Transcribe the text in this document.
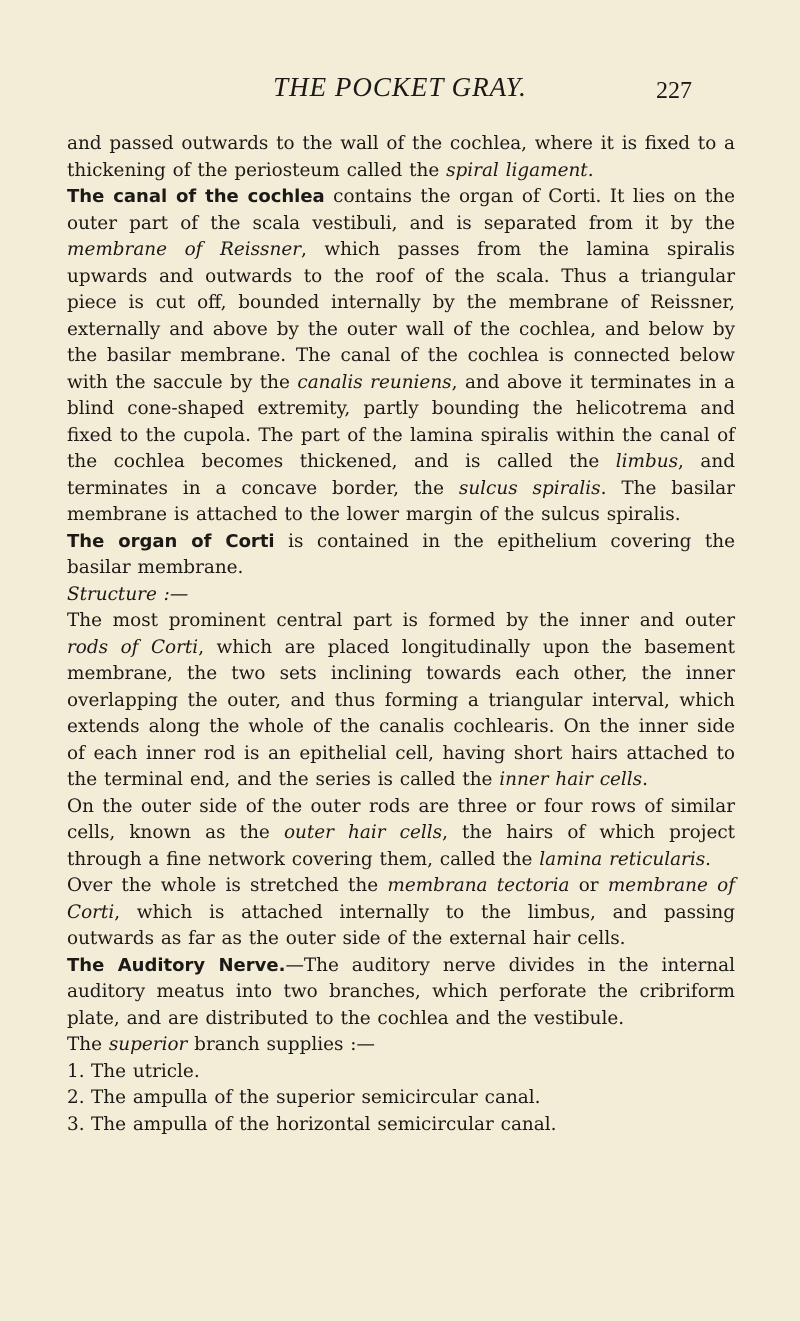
THE POCKET GRAY.	227

and passed outwards to the wall of the cochlea, where it is fixed to a thickening of the periosteum called the spiral ligament.

The canal of the cochlea contains the organ of Corti. It lies on the outer part of the scala vestibuli, and is separated from it by the membrane of Reissner, which passes from the lamina spiralis upwards and outwards to the roof of the scala. Thus a triangular piece is cut off, bounded internally by the membrane of Reissner, externally and above by the outer wall of the cochlea, and below by the basilar membrane. The canal of the cochlea is connected below with the saccule by the canalis reuniens, and above it terminates in a blind cone-shaped extremity, partly bounding the helicotrema and fixed to the cupola. The part of the lamina spiralis within the canal of the cochlea becomes thickened, and is called the limbus, and terminates in a concave border, the sulcus spiralis. The basilar membrane is attached to the lower margin of the sulcus spiralis.

The organ of Corti is contained in the epithelium covering the basilar membrane.

Structure :—

The most prominent central part is formed by the inner and outer rods of Corti, which are placed longitudinally upon the basement membrane, the two sets inclining towards each other, the inner overlapping the outer, and thus forming a triangular interval, which extends along the whole of the canalis cochlearis. On the inner side of each inner rod is an epithelial cell, having short hairs attached to the terminal end, and the series is called the inner hair cells.

On the outer side of the outer rods are three or four rows of similar cells, known as the outer hair cells, the hairs of which project through a fine network covering them, called the lamina reticularis.

Over the whole is stretched the membrana tectoria or membrane of Corti, which is attached internally to the limbus, and passing outwards as far as the outer side of the external hair cells.

The Auditory Nerve.—The auditory nerve divides in the internal auditory meatus into two branches, which perforate the cribriform plate, and are distributed to the cochlea and the vestibule.

The superior branch supplies :—

1. The utricle.

2. The ampulla of the superior semicircular canal.

3. The ampulla of the horizontal semicircular canal.
